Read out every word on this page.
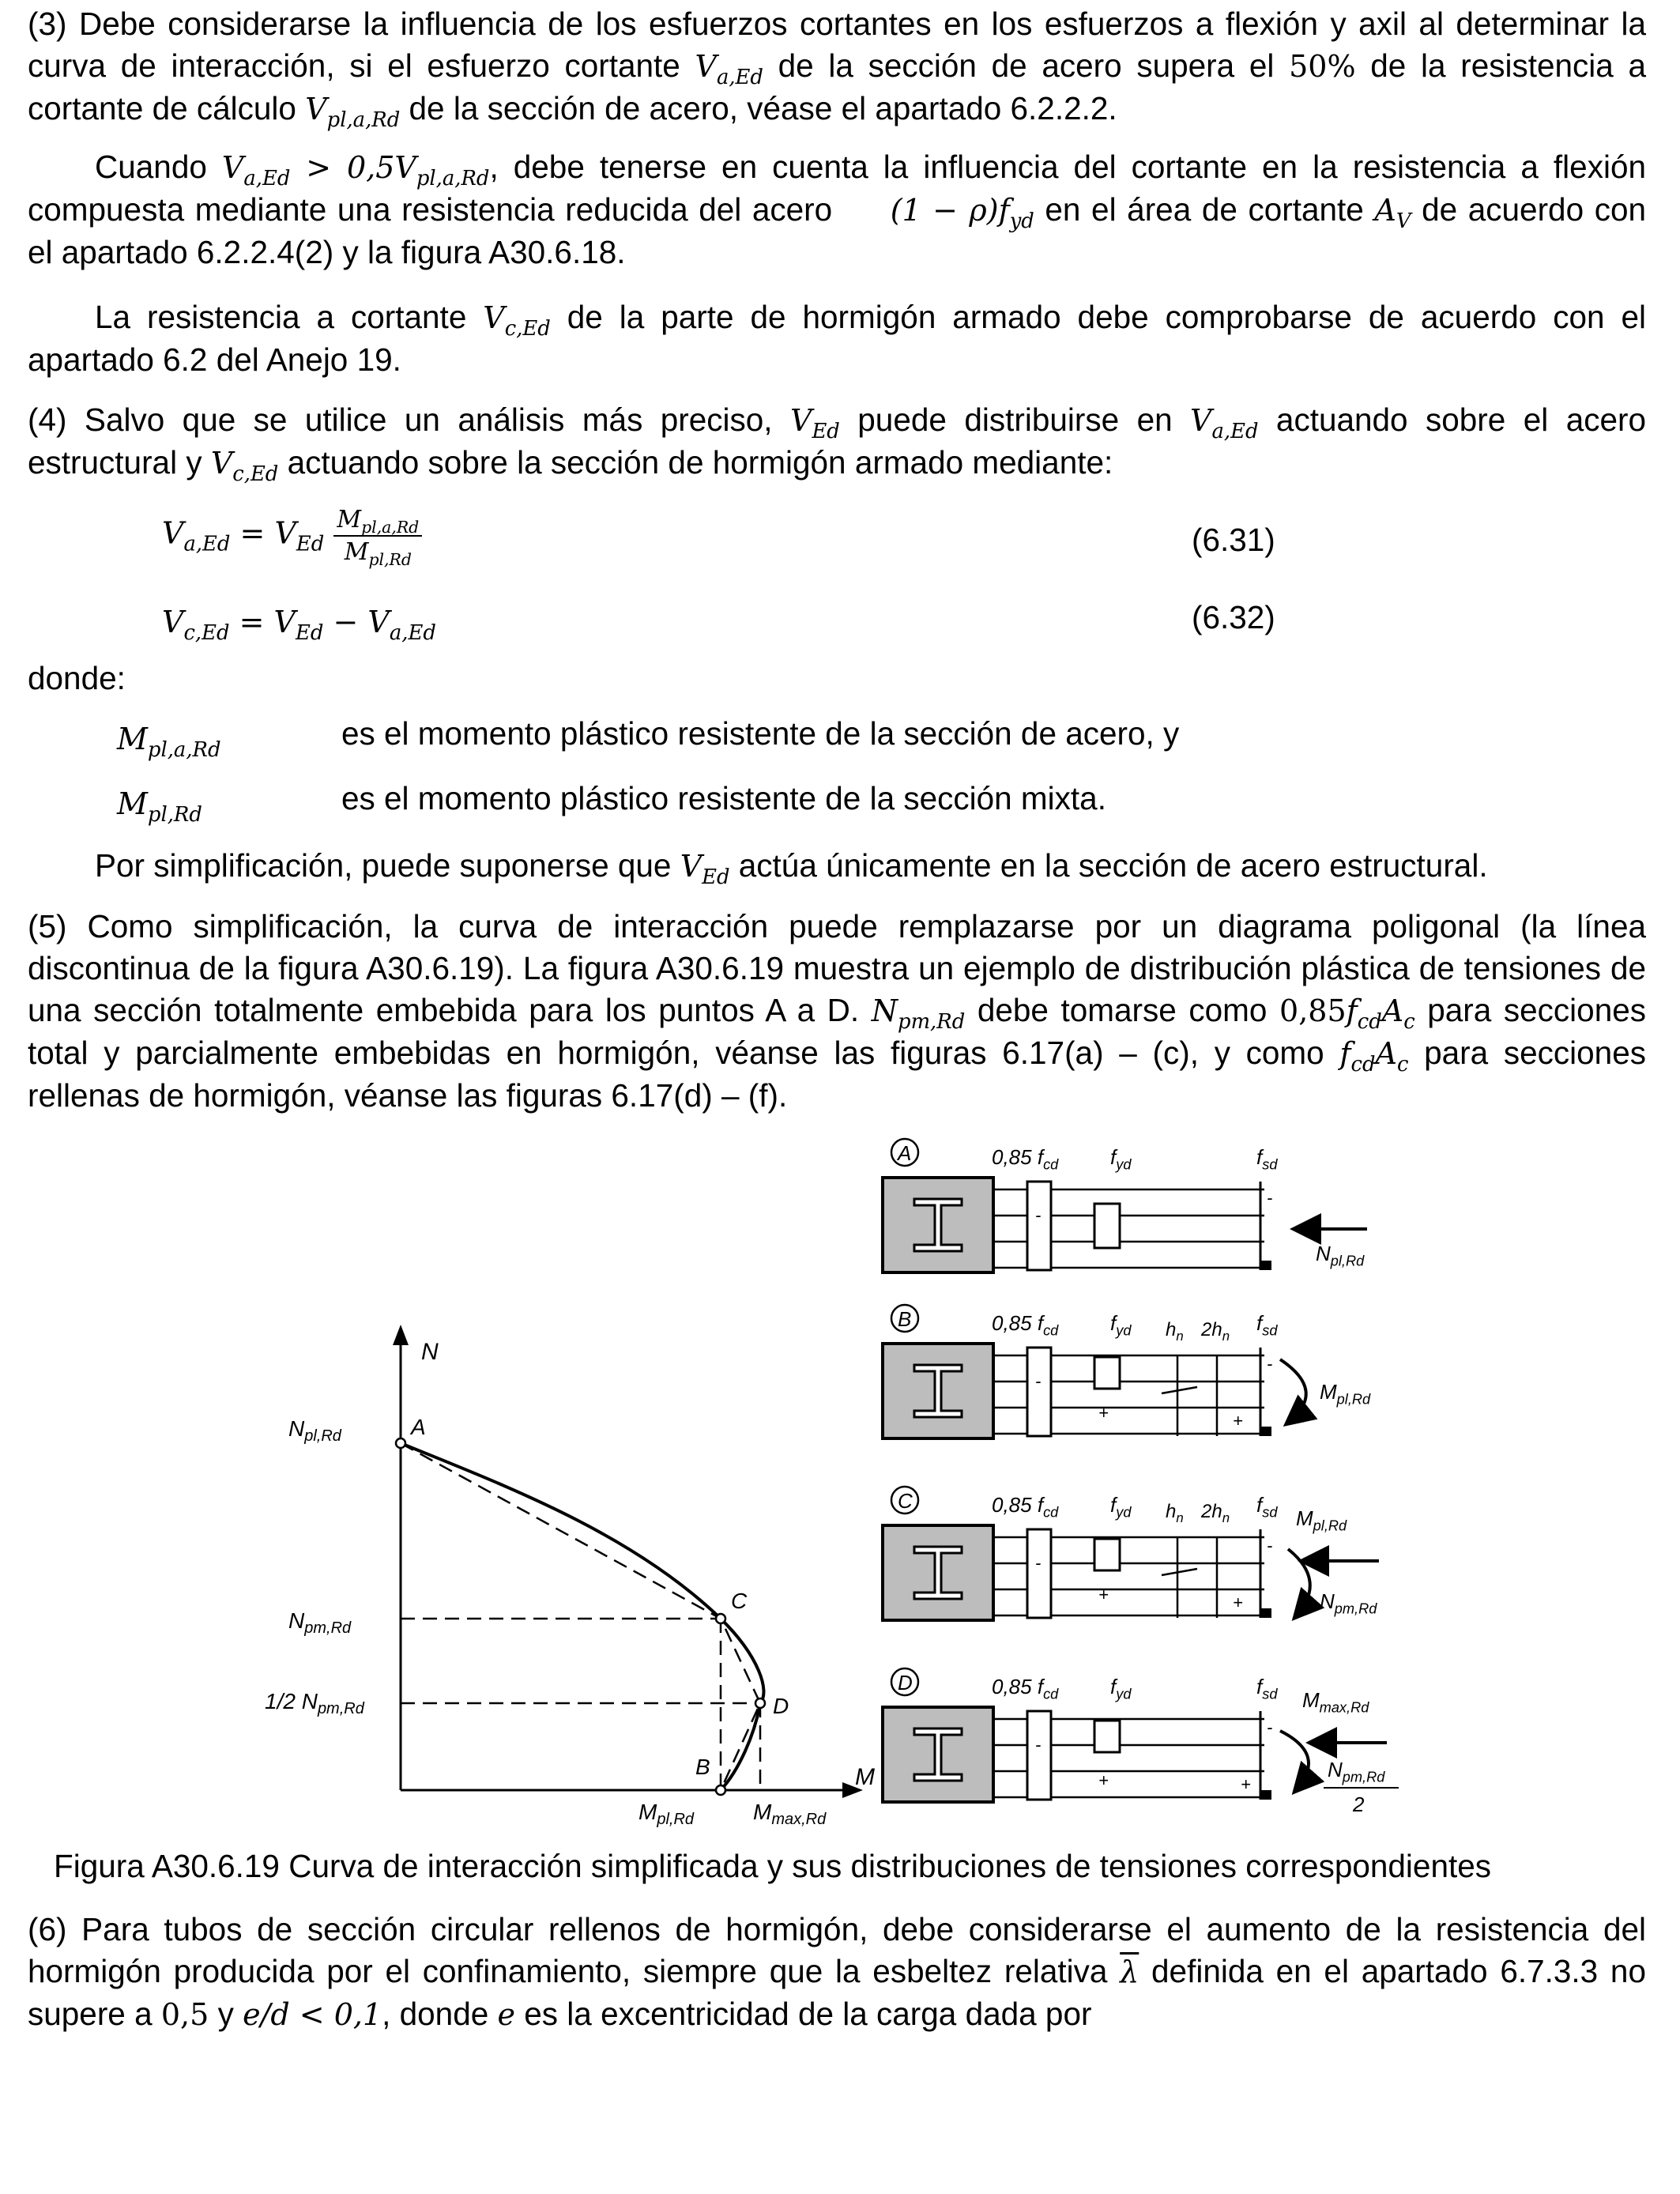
(3) Debe considerarse la influencia de los esfuerzos cortantes en los esfuerzos a flexión y axil al determinar la curva de interacción, si el esfuerzo cortante $V_{a,Ed}$ de la sección de acero supera el 50% de la resistencia a cortante de cálculo $V_{pl,a,Rd}$ de la sección de acero, véase el apartado 6.2.2.2.
Cuando $V_{a,Ed} > 0,5V_{pl,a,Rd}$, debe tenerse en cuenta la influencia del cortante en la resistencia a flexión compuesta mediante una resistencia reducida del acero $(1 - \rho)f_{yd}$ en el área de cortante $A_V$ de acuerdo con el apartado 6.2.2.4(2) y la figura A30.6.18.
La resistencia a cortante $V_{c,Ed}$ de la parte de hormigón armado debe comprobarse de acuerdo con el apartado 6.2 del Anejo 19.
(4) Salvo que se utilice un análisis más preciso, $V_{Ed}$ puede distribuirse en $V_{a,Ed}$ actuando sobre el acero estructural y $V_{c,Ed}$ actuando sobre la sección de hormigón armado mediante:
$V_{a,Ed} = V_{Ed} \frac{M_{pl,a,Rd}}{M_{pl,Rd}}$	(6.31)
$V_{c,Ed} = V_{Ed} - V_{a,Ed}$	(6.32)
donde:
$M_{pl,a,Rd}$	es el momento plástico resistente de la sección de acero, y
$M_{pl,Rd}$	es el momento plástico resistente de la sección mixta.
Por simplificación, puede suponerse que $V_{Ed}$ actúa únicamente en la sección de acero estructural.
(5) Como simplificación, la curva de interacción puede remplazarse por un diagrama poligonal (la línea discontinua de la figura A30.6.19). La figura A30.6.19 muestra un ejemplo de distribución plástica de tensiones de una sección totalmente embebida para los puntos A a D. $N_{pm,Rd}$ debe tomarse como $0,85f_{cd}A_c$ para secciones total y parcialmente embebidas en hormigón, véanse las figuras 6.17(a) – (c), y como $f_{cd}A_c$ para secciones rellenas de hormigón, véanse las figuras 6.17(d) – (f).
N
M
A
C
D
B
$N_{pl,Rd}$
$N_{pm,Rd}$
1/2 $N_{pm,Rd}$
$M_{pl,Rd}$	$M_{max,Rd}$
A
-
-
0,85 $f_{cd}$	$f_{yd}$	$f_{sd}$
B
-
-
+	+
0,85 $f_{cd}$	$f_{yd}$	$f_{sd}$
$h_n$ $2h_n$
C
-
-
+	+
0,85 $f_{cd}$	$f_{yd}$	$f_{sd}$
$h_n$ $2h_n$
D
-
-
+	+
0,85 $f_{cd}$	$f_{yd}$	$f_{sd}$
$N_{pl,Rd}$
$M_{pl,Rd}$
$M_{pl,Rd}$
$N_{pm,Rd}$
$M_{max,Rd}$
$N_{pm,Rd}$
2
Figura A30.6.19 Curva de interacción simplificada y sus distribuciones de tensiones correspondientes
(6) Para tubos de sección circular rellenos de hormigón, debe considerarse el aumento de la resistencia del hormigón producida por el confinamiento, siempre que la esbeltez relativa $\overline{\lambda}$ definida en el apartado 6.7.3.3 no supere a 0,5 y e/d < 0,1, donde e es la excentricidad de la carga dada por
